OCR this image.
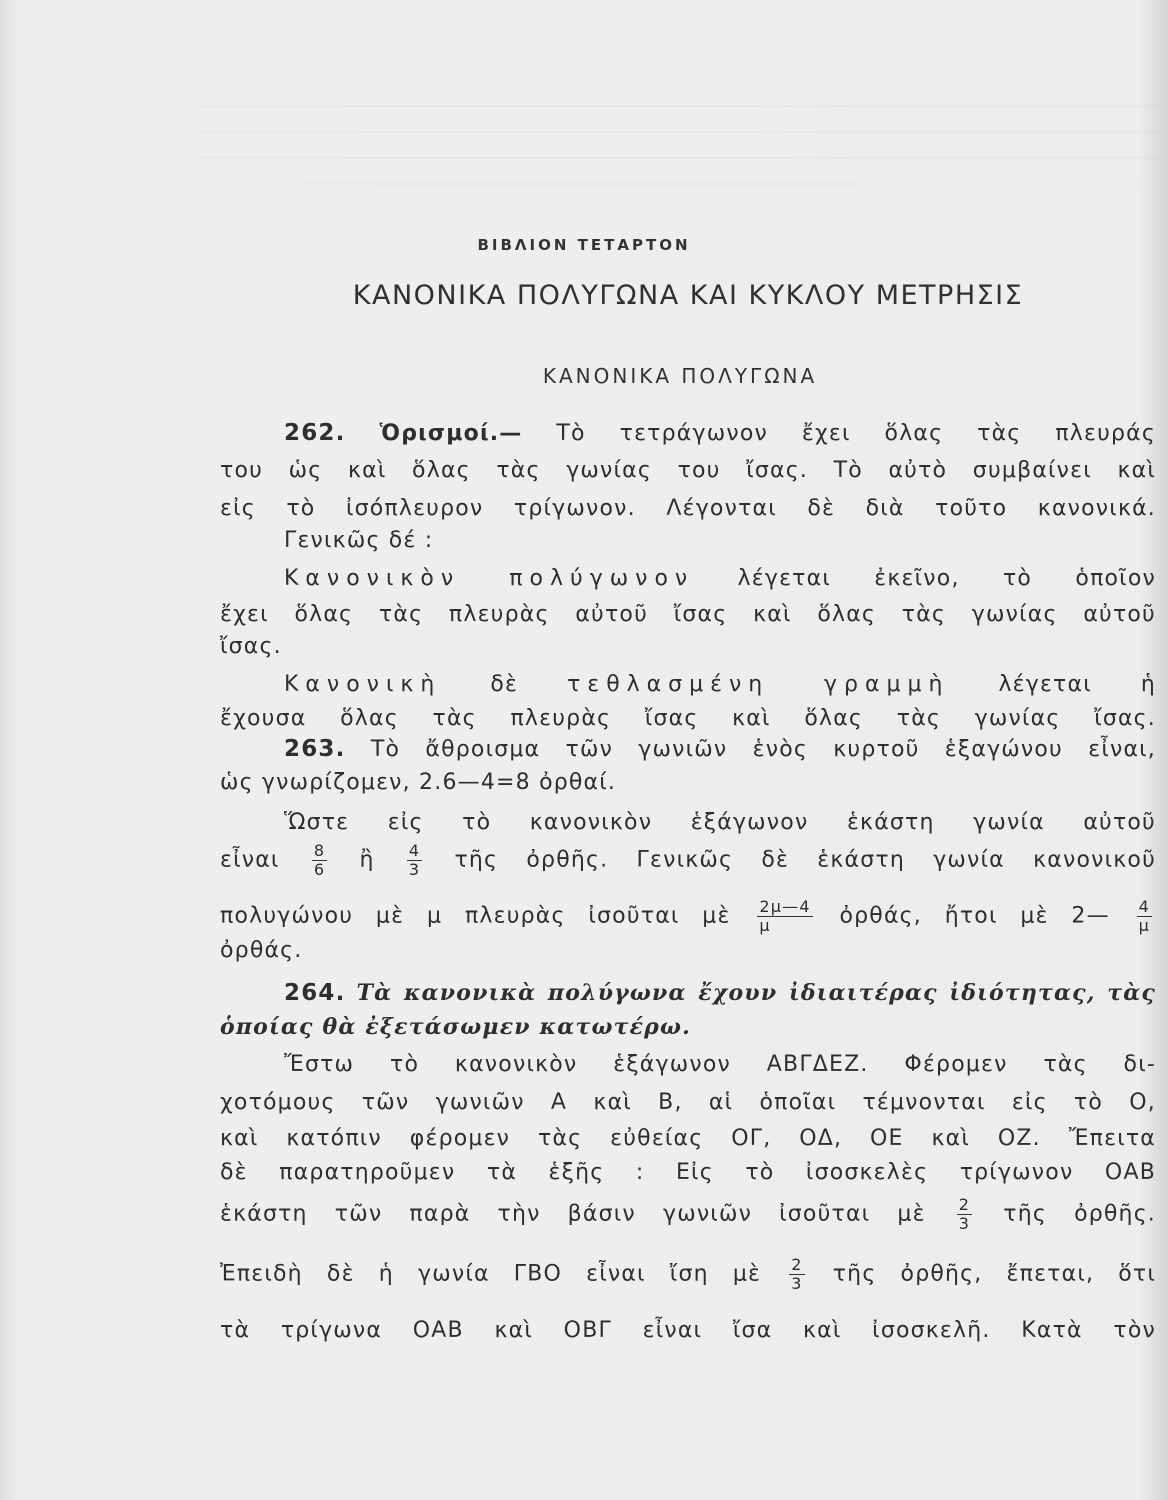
ΒΙΒΛΙΟΝ ΤΕΤΑΡΤΟΝ
ΚΑΝΟΝΙΚΑ ΠΟΛΥΓΩΝΑ ΚΑΙ ΚΥΚΛΟΥ ΜΕΤΡΗΣΙΣ
ΚΑΝΟΝΙΚΑ ΠΟΛΥΓΩΝΑ
262. Ὁρισμοί.— Τὸ τετράγωνον ἔχει ὅλας τὰς πλευράς
του ὡς καὶ ὅλας τὰς γωνίας του ἴσας. Τὸ αὐτὸ συμβαίνει καὶ
εἰς τὸ ἰσόπλευρον τρίγωνον. Λέγονται δὲ διὰ τοῦτο κανονικά.
Γενικῶς δέ :
Κανονικὸν πολύγωνον λέγεται ἐκεῖνο, τὸ ὁποῖον
ἔχει ὅλας τὰς πλευρὰς αὐτοῦ ἴσας καὶ ὅλας τὰς γωνίας αὐτοῦ
ἴσας.
Κανονικὴ δὲ τεθλασμένη γραμμὴ λέγεται ἡ
ἔχουσα ὅλας τὰς πλευρὰς ἴσας καὶ ὅλας τὰς γωνίας ἴσας.
263. Τὸ ἄθροισμα τῶν γωνιῶν ἑνὸς κυρτοῦ ἑξαγώνου εἶναι,
ὡς γνωρίζομεν, 2.6—4=8 ὀρθαί.
Ὥστε εἰς τὸ κανονικὸν ἑξάγωνον ἑκάστη γωνία αὐτοῦ
εἶναι $\frac{8}{6}$ ἢ $\frac{4}{3}$ τῆς ὀρθῆς. Γενικῶς δὲ ἑκάστη γωνία κανονικοῦ
πολυγώνου μὲ μ πλευρὰς ἰσοῦται μὲ $\frac{2\mu—4}{\mu}$ ὀρθάς, ἤτοι μὲ 2— $\frac{4}{\mu}$
ὀρθάς.
264. Τὰ κανονικὰ πολύγωνα ἔχουν ἰδιαιτέρας ἰδιότητας, τὰς
ὁποίας θὰ ἐξετάσωμεν κατωτέρω.
Ἔστω τὸ κανονικὸν ἑξάγωνον ΑΒΓΔΕΖ. Φέρομεν τὰς δι-
χοτόμους τῶν γωνιῶν Α καὶ Β, αἱ ὁποῖαι τέμνονται εἰς τὸ Ο,
καὶ κατόπιν φέρομεν τὰς εὐθείας ΟΓ, ΟΔ, ΟΕ καὶ ΟΖ. Ἔπειτα
δὲ παρατηροῦμεν τὰ ἑξῆς : Εἰς τὸ ἰσοσκελὲς τρίγωνον ΟΑΒ
ἑκάστη τῶν παρὰ τὴν βάσιν γωνιῶν ἰσοῦται μὲ $\frac{2}{3}$ τῆς ὀρθῆς.
Ἐπειδὴ δὲ ἡ γωνία ΓΒΟ εἶναι ἴση μὲ $\frac{2}{3}$ τῆς ὀρθῆς, ἔπεται, ὅτι
τὰ τρίγωνα ΟΑΒ καὶ ΟΒΓ εἶναι ἴσα καὶ ἰσοσκελῆ. Κατὰ τὸν
